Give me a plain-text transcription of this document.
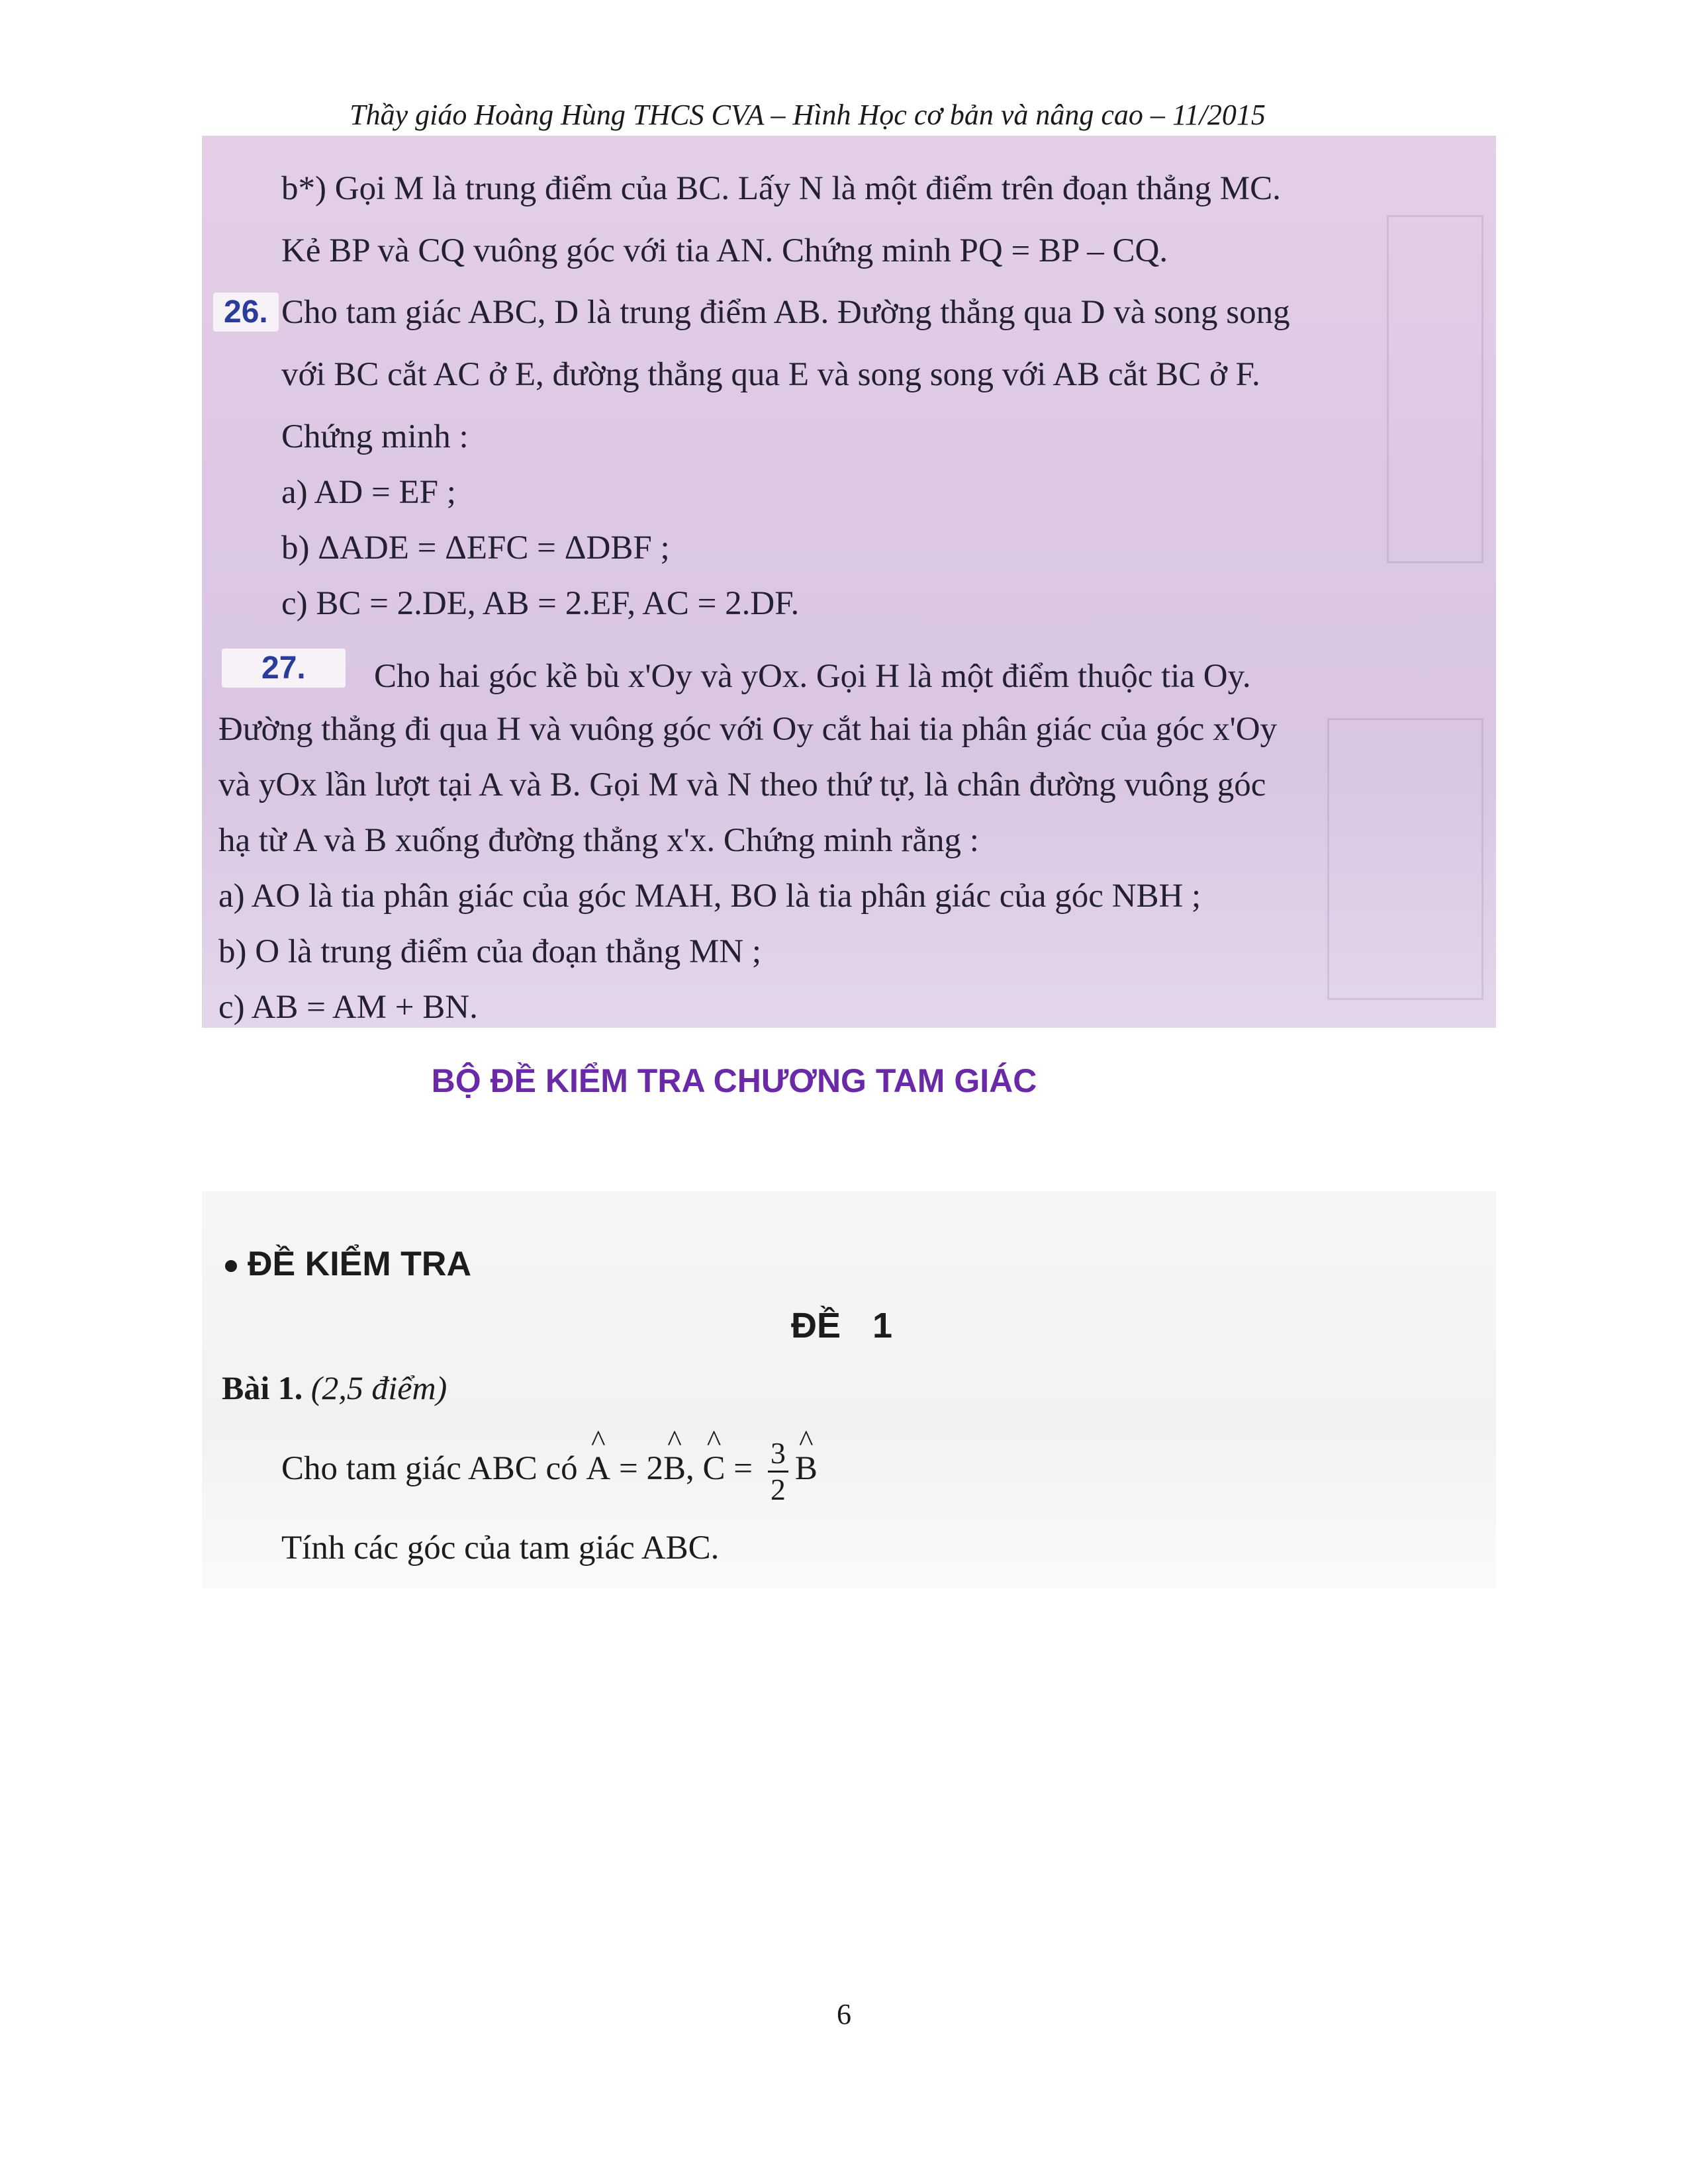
Thầy giáo Hoàng Hùng THCS CVA – Hình Học cơ bản và nâng cao – 11/2015
b*) Gọi M là trung điểm của BC. Lấy N là một điểm trên đoạn thẳng MC.
Kẻ BP và CQ vuông góc với tia AN. Chứng minh PQ = BP – CQ.
26. Cho tam giác ABC, D là trung điểm AB. Đường thẳng qua D và song song
với BC cắt AC ở E, đường thẳng qua E và song song với AB cắt BC ở F.
Chứng minh :
a) AD = EF ;
b) ΔADE = ΔEFC = ΔDBF ;
c) BC = 2.DE, AB = 2.EF, AC = 2.DF.
27.	Cho hai góc kề bù x'Oy và yOx. Gọi H là một điểm thuộc tia Oy.
Đường thẳng đi qua H và vuông góc với Oy cắt hai tia phân giác của góc x'Oy
và yOx lần lượt tại A và B. Gọi M và N theo thứ tự, là chân đường vuông góc
hạ từ A và B xuống đường thẳng x'x. Chứng minh rằng :
a) AO là tia phân giác của góc MAH, BO là tia phân giác của góc NBH ;
b) O là trung điểm của đoạn thẳng MN ;
c) AB = AM + BN.
BỘ ĐỀ KIỂM TRA CHƯƠNG TAM GIÁC
ĐỀ KIỂM TRA
ĐỀ 1
Bài 1. (2,5 điểm)
Cho tam giác ABC có
^
A = 2
^
B,
^
$C = \frac{3}{2}$ ^
B
Tính các góc của tam giác ABC.
6
